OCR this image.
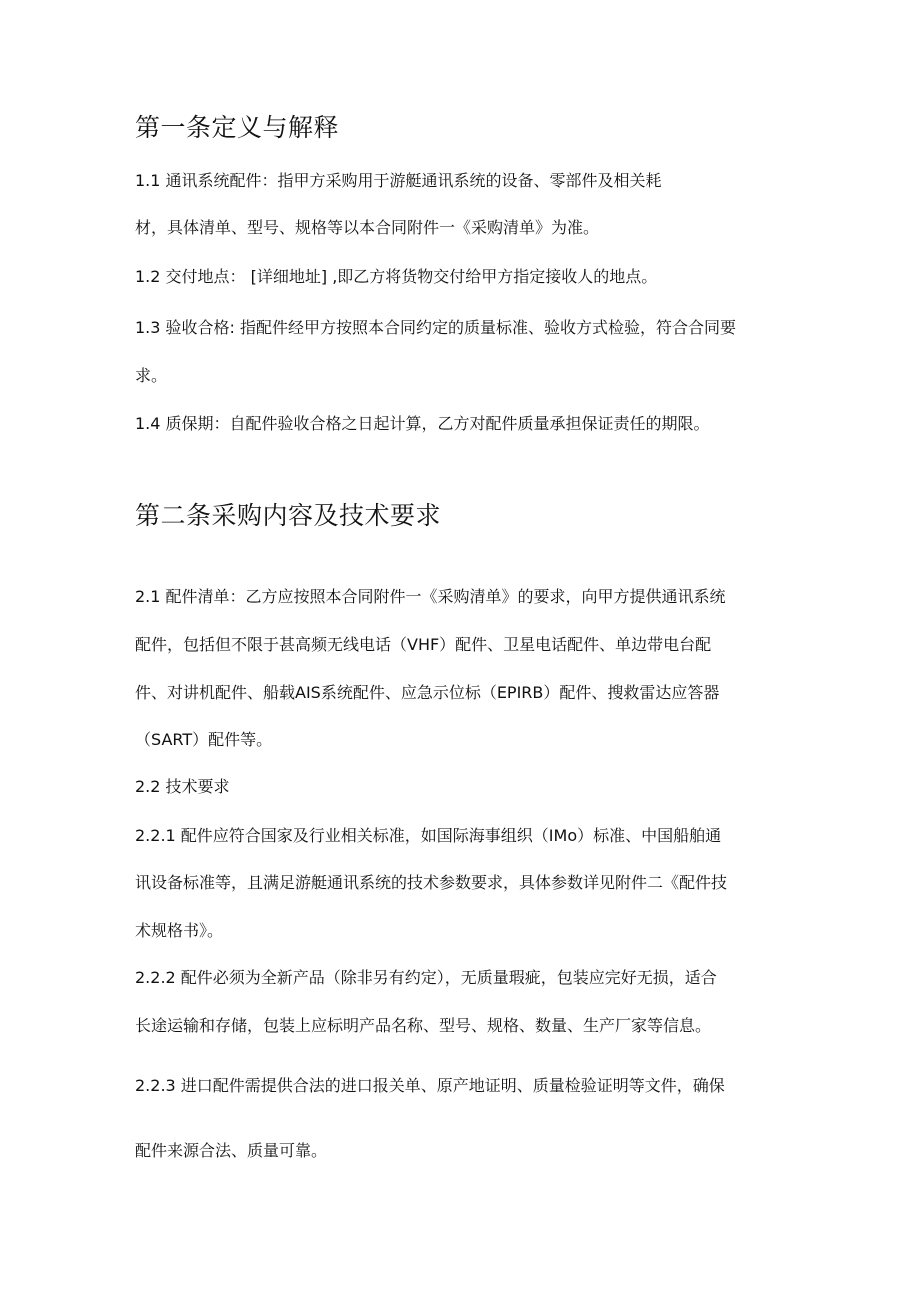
第一条定义与解释
1.1 通讯系统配件：指甲方采购用于游艇通讯系统的设备、零部件及相关耗
材，具体清单、型号、规格等以本合同附件一《采购清单》为准。
1.2 交付地点： [详细地址] ,即乙方将货物交付给甲方指定接收人的地点。
1.3 验收合格: 指配件经甲方按照本合同约定的质量标准、验收方式检验，符合合同要
求。
1.4 质保期：自配件验收合格之日起计算，乙方对配件质量承担保证责任的期限。
第二条采购内容及技术要求
2.1 配件清单：乙方应按照本合同附件一《采购清单》的要求，向甲方提供通讯系统
配件，包括但不限于甚高频无线电话（VHF）配件、卫星电话配件、单边带电台配
件、对讲机配件、船载AIS系统配件、应急示位标（EPIRB）配件、搜救雷达应答器
（SART）配件等。
2.2 技术要求
2.2.1 配件应符合国家及行业相关标准，如国际海事组织（IMo）标准、中国船舶通
讯设备标准等，且满足游艇通讯系统的技术参数要求，具体参数详见附件二《配件技
术规格书》。
2.2.2 配件必须为全新产品（除非另有约定），无质量瑕疵，包装应完好无损，适合
长途运输和存储，包装上应标明产品名称、型号、规格、数量、生产厂家等信息。
2.2.3 进口配件需提供合法的进口报关单、原产地证明、质量检验证明等文件，确保
配件来源合法、质量可靠。
